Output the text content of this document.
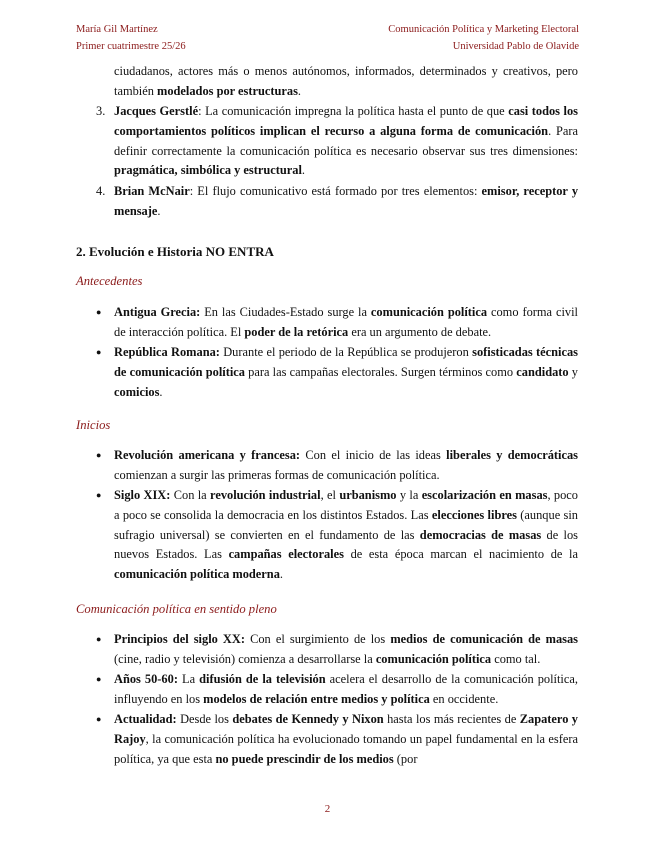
María Gil Martínez
Primer cuatrimestre 25/26
Comunicación Política y Marketing Electoral
Universidad Pablo de Olavide
ciudadanos, actores más o menos autónomos, informados, determinados y creativos, pero también modelados por estructuras.
3. Jacques Gerstlé: La comunicación impregna la política hasta el punto de que casi todos los comportamientos políticos implican el recurso a alguna forma de comunicación. Para definir correctamente la comunicación política es necesario observar sus tres dimensiones: pragmática, simbólica y estructural.
4. Brian McNair: El flujo comunicativo está formado por tres elementos: emisor, receptor y mensaje.
2. Evolución e Historia NO ENTRA
Antecedentes
● Antigua Grecia: En las Ciudades-Estado surge la comunicación política como forma civil de interacción política. El poder de la retórica era un argumento de debate.
● República Romana: Durante el periodo de la República se produjeron sofisticadas técnicas de comunicación política para las campañas electorales. Surgen términos como candidato y comicios.
Inicios
● Revolución americana y francesa: Con el inicio de las ideas liberales y democráticas comienzan a surgir las primeras formas de comunicación política.
● Siglo XIX: Con la revolución industrial, el urbanismo y la escolarización en masas, poco a poco se consolida la democracia en los distintos Estados. Las elecciones libres (aunque sin sufragio universal) se convierten en el fundamento de las democracias de masas de los nuevos Estados. Las campañas electorales de esta época marcan el nacimiento de la comunicación política moderna.
Comunicación política en sentido pleno
● Principios del siglo XX: Con el surgimiento de los medios de comunicación de masas (cine, radio y televisión) comienza a desarrollarse la comunicación política como tal.
● Años 50-60: La difusión de la televisión acelera el desarrollo de la comunicación política, influyendo en los modelos de relación entre medios y política en occidente.
● Actualidad: Desde los debates de Kennedy y Nixon hasta los más recientes de Zapatero y Rajoy, la comunicación política ha evolucionado tomando un papel fundamental en la esfera política, ya que esta no puede prescindir de los medios (por
2
